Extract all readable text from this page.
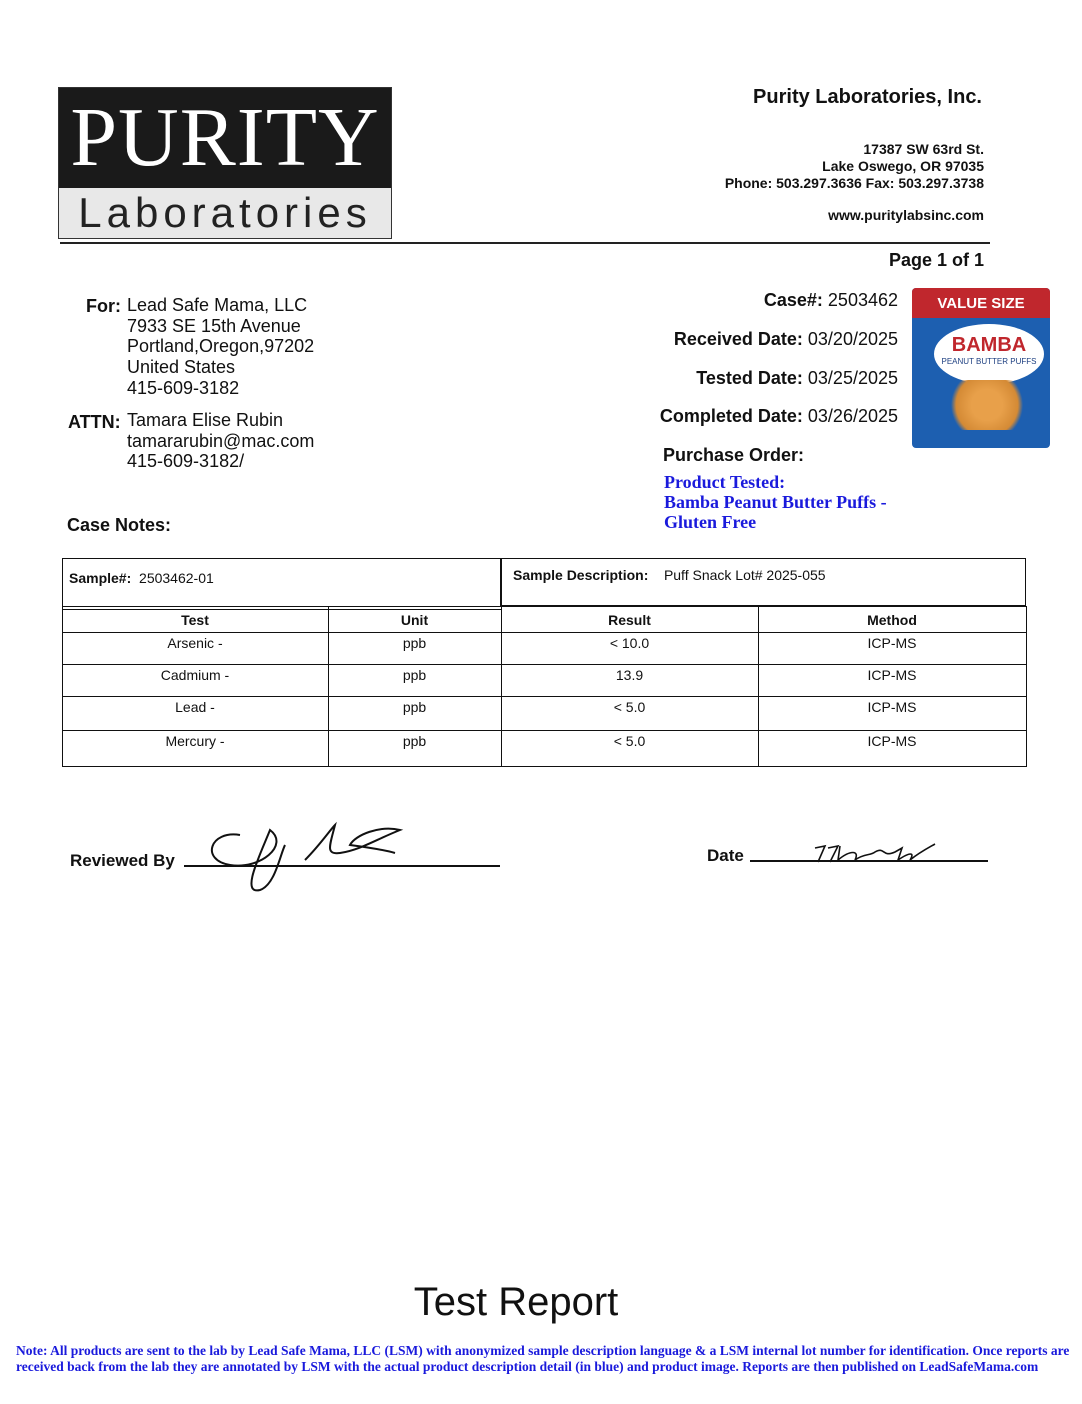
PURITY
Laboratories
Purity Laboratories, Inc.
17387 SW 63rd St.
Lake Oswego, OR 97035
Phone: 503.297.3636 Fax: 503.297.3738
www.puritylabsinc.com
Page 1 of 1
For: Lead Safe Mama, LLC
7933 SE 15th Avenue
Portland,Oregon,97202
United States
415-609-3182
ATTN: Tamara Elise Rubin
tamararubin@mac.com
415-609-3182/
Case Notes:
Case#: 2503462
Received Date: 03/20/2025
Tested Date: 03/25/2025
Completed Date: 03/26/2025
Purchase Order:
Product Tested:
Bamba Peanut Butter Puffs -
Gluten Free
VALUE SIZE
BAMBA
PEANUT BUTTER PUFFS
Sample#: 2503462-01	Sample Description: Puff Snack Lot# 2025-055
Test	Unit	Result	Method
Arsenic -	ppb	< 10.0	ICP-MS
Cadmium -	ppb	13.9	ICP-MS
Lead -	ppb	< 5.0	ICP-MS
Mercury -	ppb	< 5.0	ICP-MS
Reviewed By	Date
Test Report
Note: All products are sent to the lab by Lead Safe Mama, LLC (LSM) with anonymized sample description language & a LSM internal lot number for identification. Once reports are received back from the lab they are annotated by LSM with the actual product description detail (in blue) and product image. Reports are then published on LeadSafeMama.com
